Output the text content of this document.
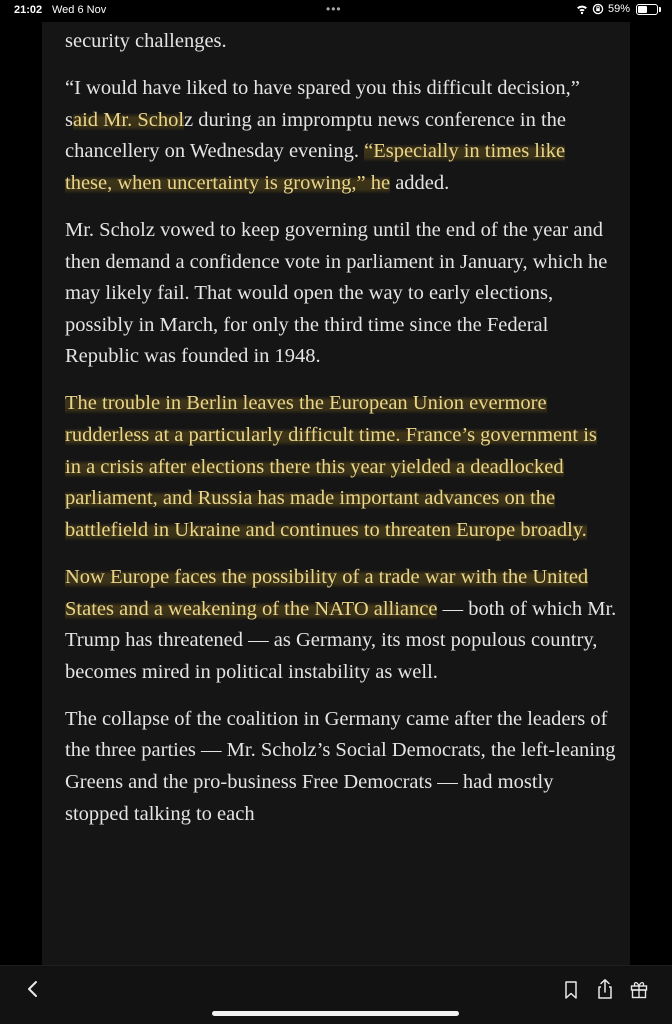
21:02 Wed 6 Nov	•••	59%

security challenges.

“I would have liked to have spared you this difficult decision,” said Mr. Scholz during an impromptu news conference in the chancellery on Wednesday evening. “Especially in times like these, when uncertainty is growing,” he added.

Mr. Scholz vowed to keep governing until the end of the year and then demand a confidence vote in parliament in January, which he may likely fail. That would open the way to early elections, possibly in March, for only the third time since the Federal Republic was founded in 1948.

The trouble in Berlin leaves the European Union evermore rudderless at a particularly difficult time. France’s government is in a crisis after elections there this year yielded a deadlocked parliament, and Russia has made important advances on the battlefield in Ukraine and continues to threaten Europe broadly.

Now Europe faces the possibility of a trade war with the United States and a weakening of the NATO alliance — both of which Mr. Trump has threatened — as Germany, its most populous country, becomes mired in political instability as well.

The collapse of the coalition in Germany came after the leaders of the three parties — Mr. Scholz’s Social Democrats, the left-leaning Greens and the pro-business Free Democrats — had mostly stopped talking to each
